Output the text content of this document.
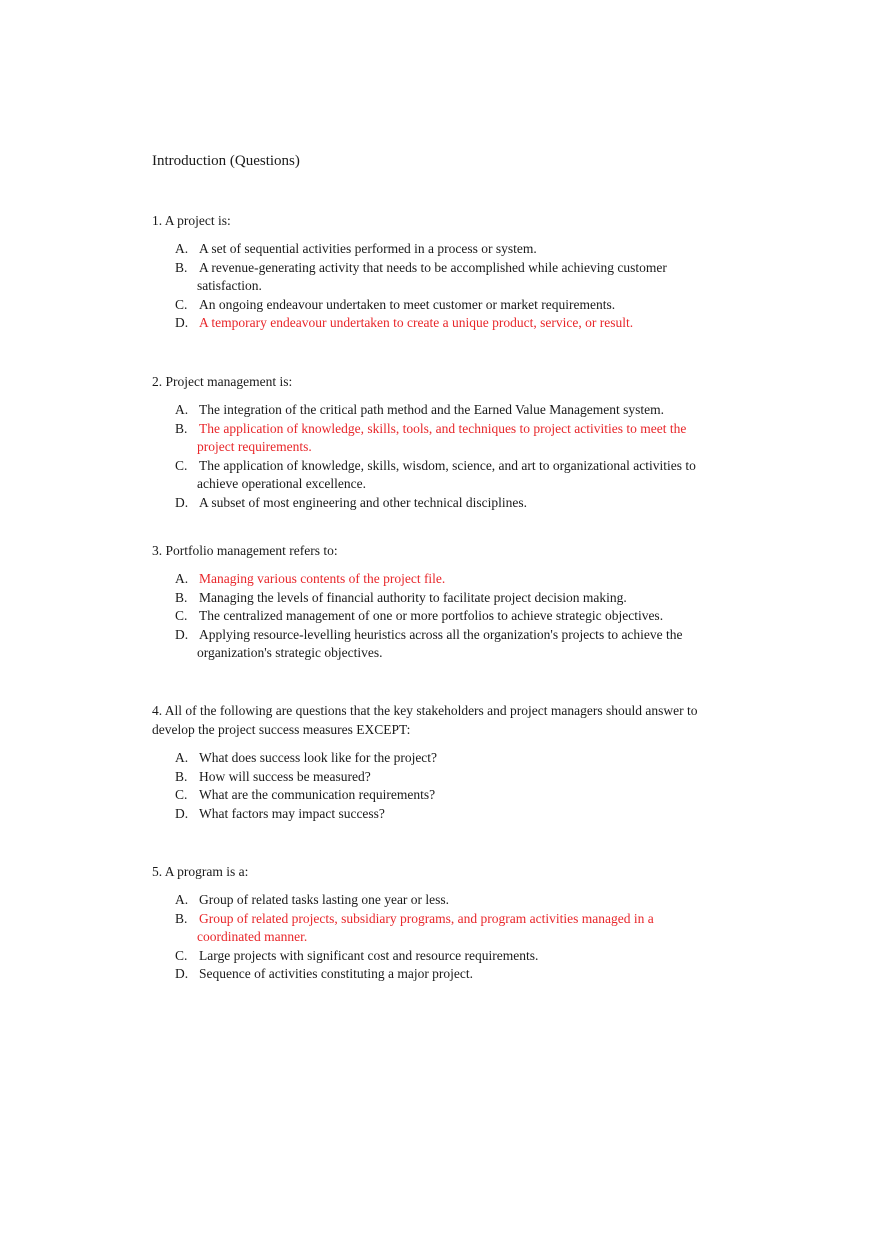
Introduction (Questions)
1. A project is:
A. A set of sequential activities performed in a process or system.
B. A revenue-generating activity that needs to be accomplished while achieving customer
satisfaction.
C. An ongoing endeavour undertaken to meet customer or market requirements.
D. A temporary endeavour undertaken to create a unique product, service, or result.
2. Project management is:
A. The integration of the critical path method and the Earned Value Management system.
B. The application of knowledge, skills, tools, and techniques to project activities to meet the
project requirements.
C. The application of knowledge, skills, wisdom, science, and art to organizational activities to
achieve operational excellence.
D. A subset of most engineering and other technical disciplines.
3. Portfolio management refers to:
A. Managing various contents of the project file.
B. Managing the levels of financial authority to facilitate project decision making.
C. The centralized management of one or more portfolios to achieve strategic objectives.
D. Applying resource-levelling heuristics across all the organization's projects to achieve the
organization's strategic objectives.
4. All of the following are questions that the key stakeholders and project managers should answer to develop the project success measures EXCEPT:
A. What does success look like for the project?
B. How will success be measured?
C. What are the communication requirements?
D. What factors may impact success?
5. A program is a:
A. Group of related tasks lasting one year or less.
B. Group of related projects, subsidiary programs, and program activities managed in a
coordinated manner.
C. Large projects with significant cost and resource requirements.
D. Sequence of activities constituting a major project.
